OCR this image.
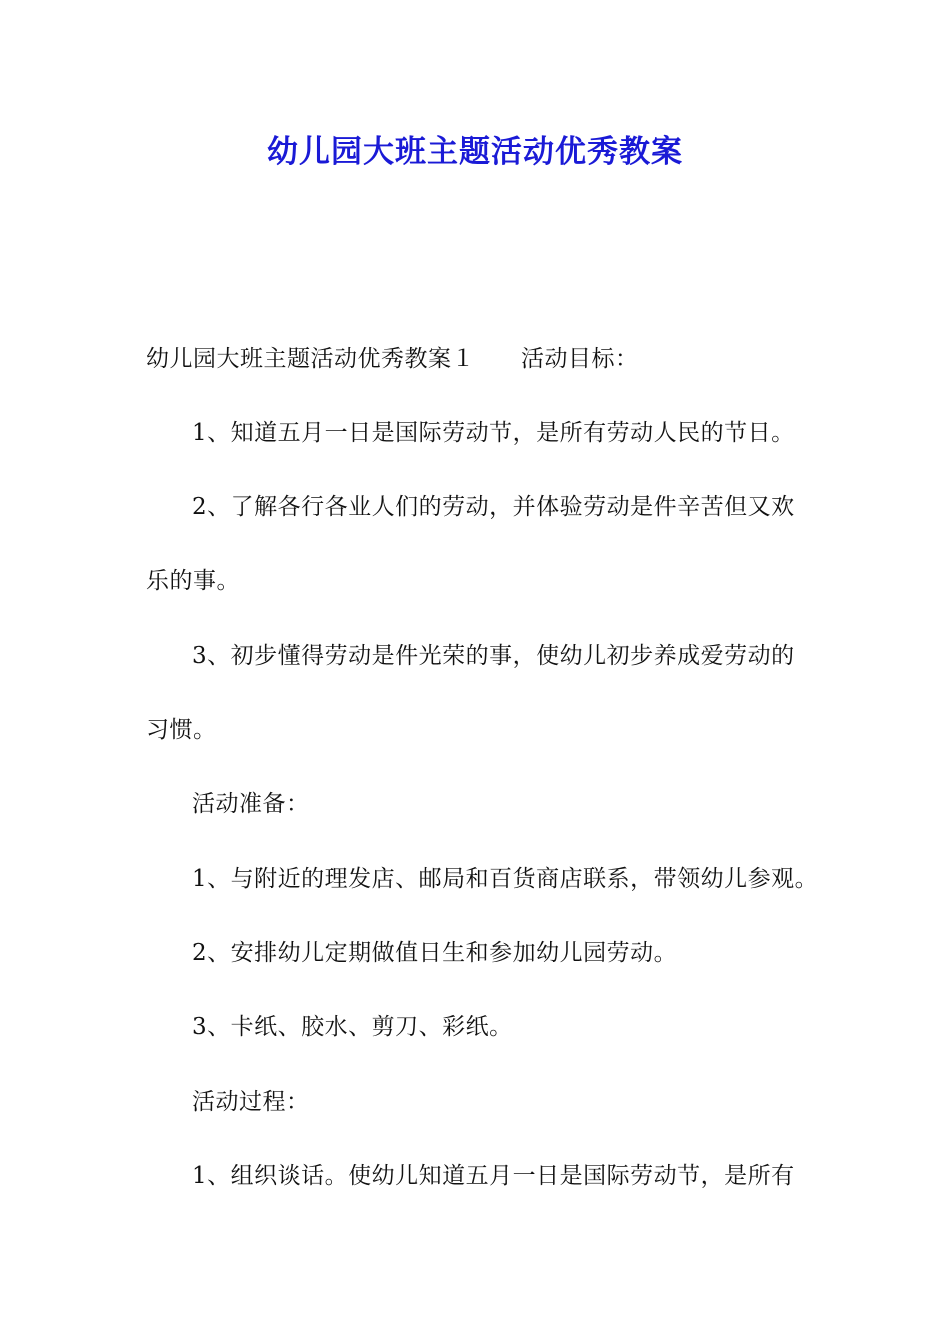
幼儿园大班主题活动优秀教案
幼儿园大班主题活动优秀教案１ 活动目标：
1、知道五月一日是国际劳动节，是所有劳动人民的节日。
2、了解各行各业人们的劳动，并体验劳动是件辛苦但又欢
乐的事。
3、初步懂得劳动是件光荣的事，使幼儿初步养成爱劳动的
习惯。
活动准备：
1、与附近的理发店、邮局和百货商店联系，带领幼儿参观。
2、安排幼儿定期做值日生和参加幼儿园劳动。
3、卡纸、胶水、剪刀、彩纸。
活动过程：
1、组织谈话。使幼儿知道五月一日是国际劳动节，是所有
